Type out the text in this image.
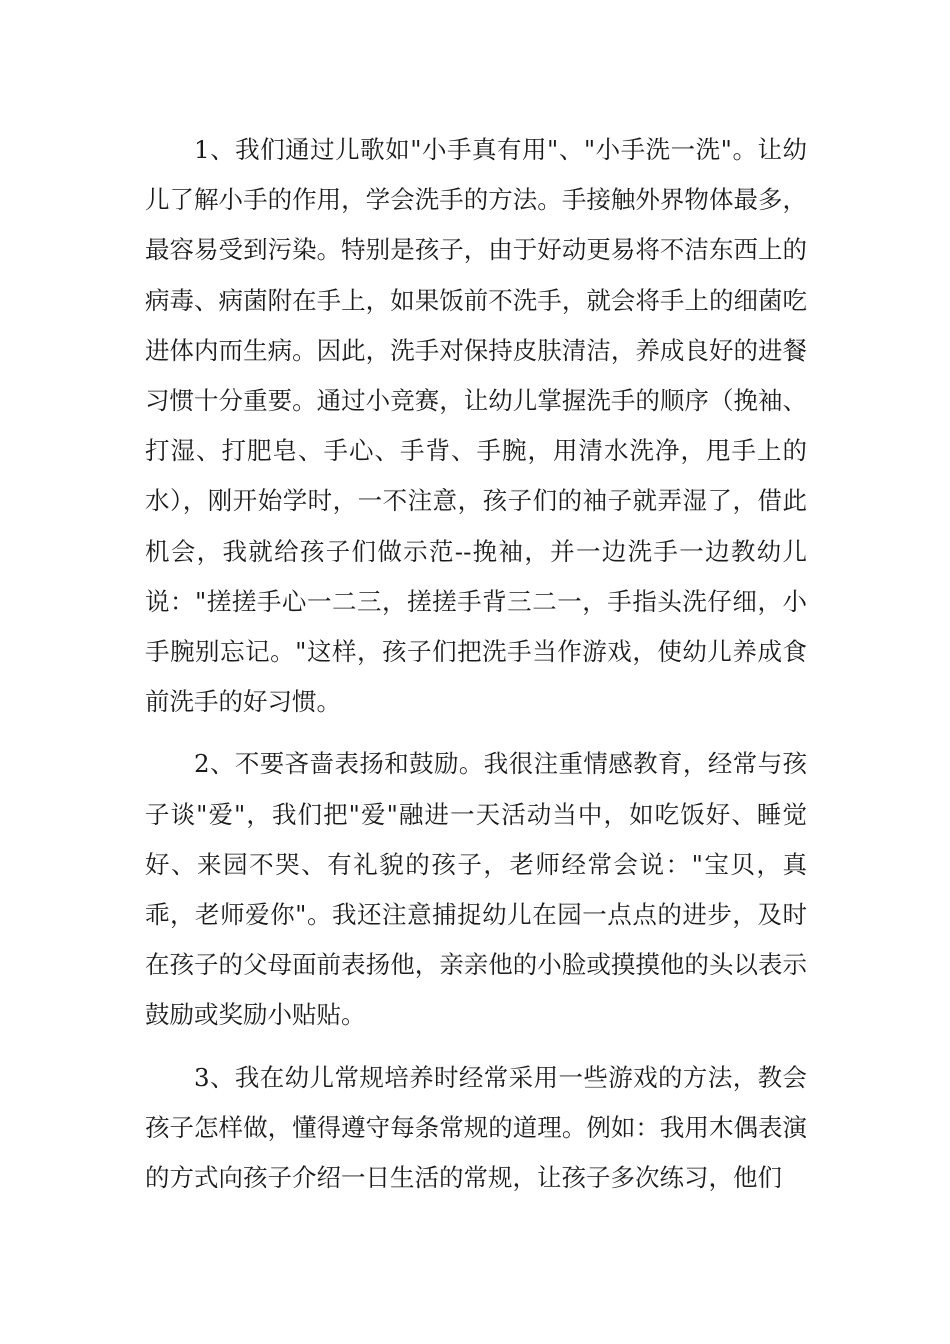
1、我们通过儿歌如"小手真有用"、"小手洗一洗"。让幼儿了解小手的作用，学会洗手的方法。手接触外界物体最多，最容易受到污染。特别是孩子，由于好动更易将不洁东西上的病毒、病菌附在手上，如果饭前不洗手，就会将手上的细菌吃进体内而生病。因此，洗手对保持皮肤清洁，养成良好的进餐习惯十分重要。通过小竞赛，让幼儿掌握洗手的顺序（挽袖、打湿、打肥皂、手心、手背、手腕，用清水洗净，甩手上的水），刚开始学时，一不注意，孩子们的袖子就弄湿了，借此机会，我就给孩子们做示范--挽袖，并一边洗手一边教幼儿说："搓搓手心一二三，搓搓手背三二一，手指头洗仔细，小手腕别忘记。"这样，孩子们把洗手当作游戏，使幼儿养成食前洗手的好习惯。

2、不要吝啬表扬和鼓励。我很注重情感教育，经常与孩子谈"爱"，我们把"爱"融进一天活动当中，如吃饭好、睡觉好、来园不哭、有礼貌的孩子，老师经常会说："宝贝，真乖，老师爱你"。我还注意捕捉幼儿在园一点点的进步，及时在孩子的父母面前表扬他，亲亲他的小脸或摸摸他的头以表示鼓励或奖励小贴贴。

3、我在幼儿常规培养时经常采用一些游戏的方法，教会孩子怎样做，懂得遵守每条常规的道理。例如：我用木偶表演的方式向孩子介绍一日生活的常规，让孩子多次练习，他们
